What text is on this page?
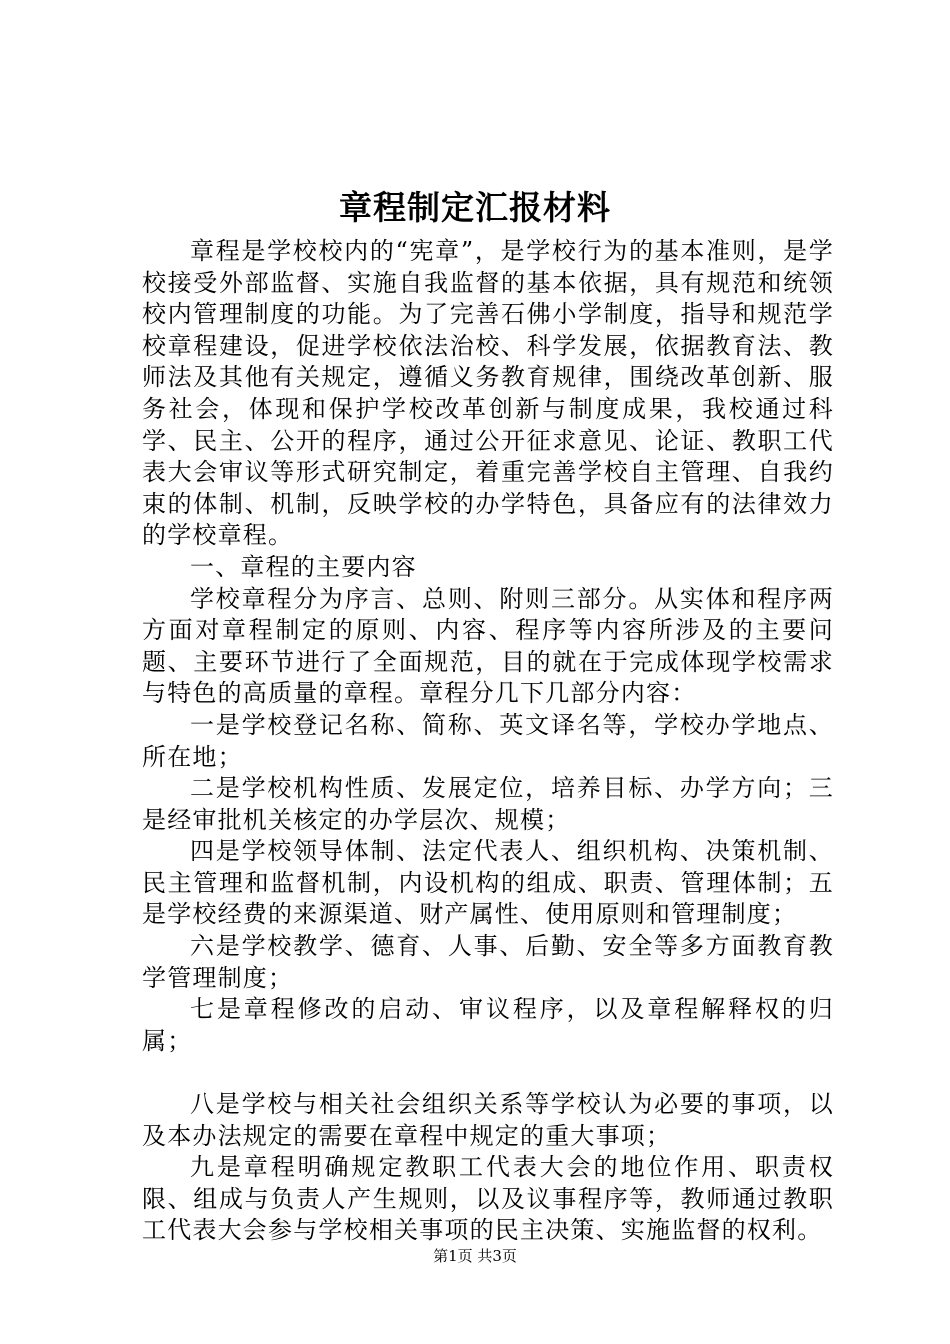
章程制定汇报材料

章程是学校校内的“宪章”，是学校行为的基本准则，是学校接受外部监督、实施自我监督的基本依据，具有规范和统领校内管理制度的功能。为了完善石佛小学制度，指导和规范学校章程建设，促进学校依法治校、科学发展，依据教育法、教师法及其他有关规定，遵循义务教育规律，围绕改革创新、服务社会，体现和保护学校改革创新与制度成果，我校通过科学、民主、公开的程序，通过公开征求意见、论证、教职工代表大会审议等形式研究制定，着重完善学校自主管理、自我约束的体制、机制，反映学校的办学特色，具备应有的法律效力的学校章程。

一、章程的主要内容

学校章程分为序言、总则、附则三部分。从实体和程序两方面对章程制定的原则、内容、程序等内容所涉及的主要问题、主要环节进行了全面规范，目的就在于完成体现学校需求与特色的高质量的章程。章程分几下几部分内容：

一是学校登记名称、简称、英文译名等，学校办学地点、所在地；

二是学校机构性质、发展定位，培养目标、办学方向；三是经审批机关核定的办学层次、规模；

四是学校领导体制、法定代表人、组织机构、决策机制、民主管理和监督机制，内设机构的组成、职责、管理体制；五是学校经费的来源渠道、财产属性、使用原则和管理制度；

六是学校教学、德育、人事、后勤、安全等多方面教育教学管理制度；

七是章程修改的启动、审议程序，以及章程解释权的归属；

八是学校与相关社会组织关系等学校认为必要的事项，以及本办法规定的需要在章程中规定的重大事项；

九是章程明确规定教职工代表大会的地位作用、职责权限、组成与负责人产生规则，以及议事程序等，教师通过教职工代表大会参与学校相关事项的民主决策、实施监督的权利。

第1页 共3页
